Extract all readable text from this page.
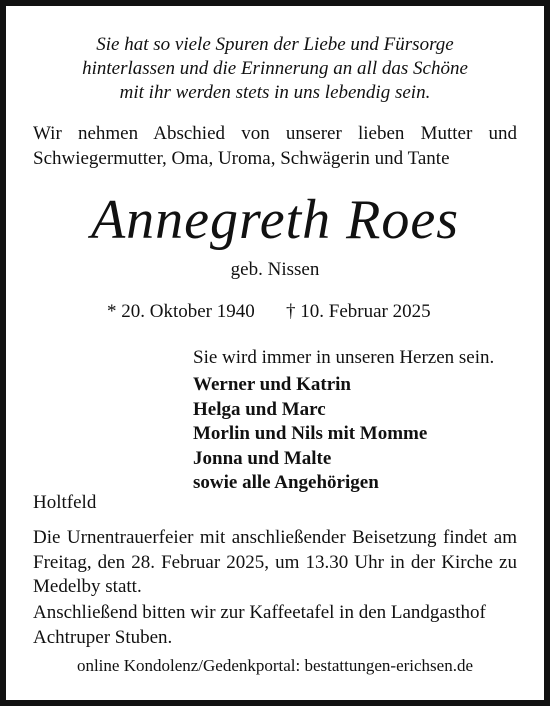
Sie hat so viele Spuren der Liebe und Fürsorge
hinterlassen und die Erinnerung an all das Schöne
mit ihr werden stets in uns lebendig sein.
Wir nehmen Abschied von unserer lieben Mutter und Schwiegermutter, Oma, Uroma, Schwägerin und Tante
Annegreth Roes
geb. Nissen
* 20. Oktober 1940 † 10. Februar 2025
Sie wird immer in unseren Herzen sein.
Werner und Katrin
Helga und Marc
Morlin und Nils mit Momme
Jonna und Malte
sowie alle Angehörigen
Holtfeld
Die Urnentrauerfeier mit anschließender Beisetzung findet am Freitag, den 28. Februar 2025, um 13.30 Uhr in der Kirche zu Medelby statt.
Anschließend bitten wir zur Kaffeetafel in den Landgasthof Achtruper Stuben.
online Kondolenz/Gedenkportal: bestattungen-erichsen.de
